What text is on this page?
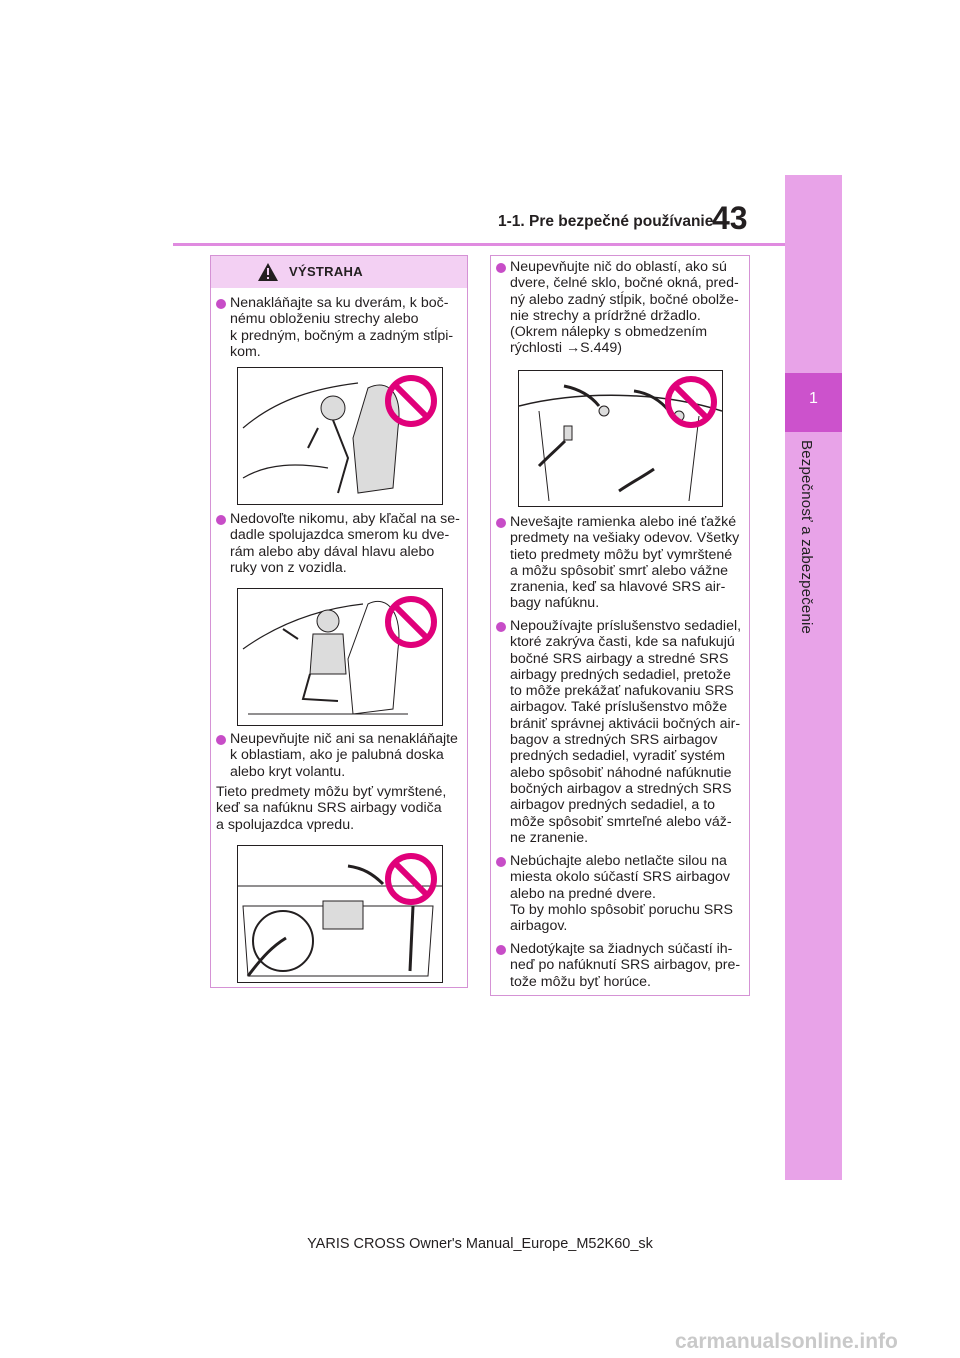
1-1. Pre bezpečné používanie
43
1
Bezpečnosť a zabezpečenie
VÝSTRAHA
Nenakláňajte sa ku dverám, k boč-
nému obloženiu strechy alebo
k predným, bočným a zadným stĺpi-
kom.
Nedovoľte nikomu, aby kľačal na se-
dadle spolujazdca smerom ku dve-
rám alebo aby dával hlavu alebo
ruky von z vozidla.
Neupevňujte nič ani sa nenakláňajte
k oblastiam, ako je palubná doska
alebo kryt volantu.
Tieto predmety môžu byť vymrštené,
keď sa nafúknu SRS airbagy vodiča
a spolujazdca vpredu.
Neupevňujte nič do oblastí, ako sú
dvere, čelné sklo, bočné okná, pred-
ný alebo zadný stĺpik, bočné obolže-
nie strechy a prídržné držadlo.
(Okrem nálepky s obmedzením
rýchlosti →S.449)
Nevešajte ramienka alebo iné ťažké
predmety na vešiaky odevov. Všetky
tieto predmety môžu byť vymrštené
a môžu spôsobiť smrť alebo vážne
zranenia, keď sa hlavové SRS air-
bagy nafúknu.
Nepoužívajte príslušenstvo sedadiel,
ktoré zakrýva časti, kde sa nafukujú
bočné SRS airbagy a stredné SRS
airbagy predných sedadiel, pretože
to môže prekážať nafukovaniu SRS
airbagov. Také príslušenstvo môže
brániť správnej aktivácii bočných air-
bagov a stredných SRS airbagov
predných sedadiel, vyradiť systém
alebo spôsobiť náhodné nafúknutie
bočných airbagov a stredných SRS
airbagov predných sedadiel, a to
môže spôsobiť smrteľné alebo váž-
ne zranenie.
Nebúchajte alebo netlačte silou na
miesta okolo súčastí SRS airbagov
alebo na predné dvere.
To by mohlo spôsobiť poruchu SRS
airbagov.
Nedotýkajte sa žiadnych súčastí ih-
neď po nafúknutí SRS airbagov, pre-
tože môžu byť horúce.
YARIS CROSS Owner's Manual_Europe_M52K60_sk
carmanualsonline.info
